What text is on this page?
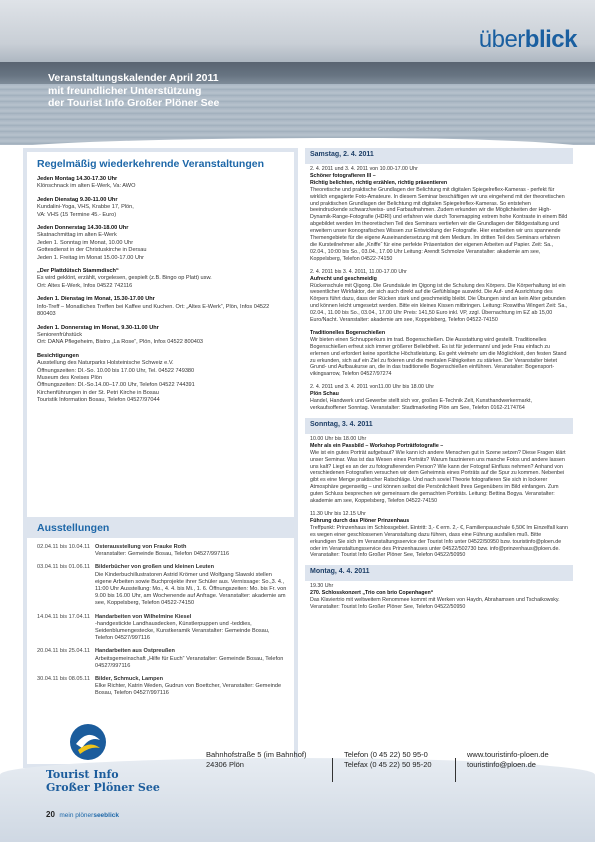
Veranstaltungskalender April 2011
mit freundlicher Unterstützung
der Tourist Info Großer Plöner See
überblick
Regelmäßig wiederkehrende Veranstaltungen
Jeden Montag 14.30-17.30 Uhr
Klönschnack im alten E-Werk, Va: AWO
Jeden Dienstag 9.30-11.00 Uhr
Kundalini-Yoga, VHS, Krabbe 17, Plön,
VA: VHS (15 Termine 45.- Euro)
Jeden Donnerstag 14.30-18.00 Uhr
Skatnachmittag im alten E-Werk
Jeden 1. Sonntag im Monat, 10.00 Uhr
Gottesdienst in der Christuskirche in Dersau
Jeden 1. Freitag im Monat 15.00-17.00 Uhr
„Der Plattdütsch Stammdisch“
Es wird geklönt, erzählt, vorgelesen, gespielt (z.B. Bingo op Platt) usw.
Ort: Altes E-Werk, Infos 04522 742116
Jeden 1. Dienstag im Monat, 15.30-17.00 Uhr
Info-Treff – Monatliches Treffen bei Kaffee und Kuchen. Ort: „Altes E-Werk“, Plön, Infos 04522 800403
Jeden 1. Donnerstag im Monat, 9.30-11.00 Uhr
Seniorenfrühstück
Ort: DANA Pflegeheim, Bistro „La Rose“, Plön, Infos 04522 800403
Besichtigungen
Ausstellung des Naturparks Holsteinische Schweiz e.V.
Öffnungszeiten: DI.-So. 10.00 bis 17.00 Uhr, Tel. 04522 749380
Museum des Kreises Plön
Öffnungszeiten: DI.-So.14.00–17.00 Uhr, Telefon 04522 744391
Kirchenführungen in der St. Petri Kirche in Bosau
Touristik Information Bosau, Telefon 04527/97044
Ausstellungen
02.04.11 bis 10.04.11 Osterausstellung von Frauke Roth
Veranstalter: Gemeinde Bosau, Telefon 04527/997116
03.04.11 bis 01.06.11 Bilderbücher von großen und kleinen Leuten
Die Kinderbuchillustratoren Astrid Krömer und Wolfgang Slawski stellen eigene Arbeiten sowie Buchprojekte ihrer Schüler aus. Vernissage: So.,3. 4., 11:00 Uhr Ausstellung: Mo., 4. 4. bis Mi., 1. 6. Öffnungszeiten: Mo. bis Fr. von 9.00 bis 16.00 Uhr, am Wochenende auf Anfrage. Veranstalter: akademie am see, Koppelsberg, Telefon 04522-74150
14.04.11 bis 17.04.11 Handarbeiten von Wilhelmine Kiesel
-handgestickte Landhausdecken, Künstlerpuppen und -teddies, Seidenblumengestecke, Kunstkeramik Veranstalter: Gemeinde Bosau, Telefon 04527/997116
20.04.11 bis 25.04.11 Handarbeiten aus Ostpreußen
Arbeitsgemeinschaft „Hilfe für Euch“ Veranstalter: Gemeinde Bosau, Telefon 04527/997116
30.04.11 bis 08.05.11 Bilder, Schmuck, Lampen
Elke Richter, Katrin Weden, Gudrun von Boettcher, Veranstalter: Gemeinde Bosau, Telefon 04527/997116
Samstag, 2. 4. 2011
2. 4. 2011 und 3. 4. 2011 von 10.00-17.00 Uhr
Schöner fotografieren III –
Richtig belichten, richtig erzählen, richtig präsentieren
Theoretische und praktische Grundlagen der Belichtung mit digitalen Spiegelreflex-Kameras - perfekt für wirklich engagierte Foto-Amateure. In diesem Seminar beschäftigen wir uns eingehend mit der theoretischen und praktischen Grundlagen der Belichtung mit digitalen Spiegelreflex-Kameras. So entstehen beeindruckende schwarz/weiss- und Farbaufnahmen. Zudem erkunden wir die Möglichkeiten der High-Dynamik-Range-Fotografie (HDRI) und erfahren wie durch Tonemapping extrem hohe Kontraste in einem Bild abgebildet werden Im theoretischen Teil des Seminars vertiefen wir die Grundlagen der Bildgestaltung und erweitern unser ikonografisches Wissen zur Entwicklung der Fotografie. Hier erarbeiten wir uns spannende Themengebiete für die eigene Auseinandersetzung mit dem Medium. Im dritten Teil des Seminars erfahren die Kursteilnehmer alle „Kniffe“ für eine perfekte Präsentation der eigenen Arbeiten auf Papier. Zeit: Sa., 02.04., 10:00 bis So., 03.04., 17.00 Uhr Leitung: Arendt Schmolze Veranstalter: akademie am see, Koppelsberg, Telefon 04522-74150
2. 4. 2011 bis 3. 4. 2011, 11.00-17.00 Uhr
Aufrecht und geschmeidig
Rückenschule mit Qigong. Die Grundsäule im Qigong ist die Schulung des Körpers. Die Körperhaltung ist ein wesentlicher Wirkfaktor, der sich auch direkt auf die Gefühlslage auswirkt. Die Auf- und Ausrichtung des Körpers führt dazu, dass der Rücken stark und geschmeidig bleibt. Die Übungen sind an kein Alter gebunden und können leicht umgesetzt werden. Bitte ein kleines Kissen mitbringen. Leitung: Roswitha Wingert Zeit: Sa., 02.04., 11.00 bis So., 03.04., 17.00 Uhr Preis: 141,50 Euro inkl. VP, zzgl. Übernachtung im EZ ab 15,00 Euro/Nacht. Veranstalter: akademie am see, Koppelsberg, Telefon 04522-74150
Traditionelles Bogenschießen
Wir bieten einen Schnupperkurs im trad. Bogenschießen. Die Ausstattung wird gestellt. Traditionelles Bogenschießen erfreut sich immer größerer Beliebtheit. Es ist für jedermann/ und jede Frau einfach zu erlernen und erfordert keine sportliche Höchstleistung. Es geht vielmehr um die Möglichkeit, den festen Stand zu erkunden, sich auf ein Ziel zu fixieren und die mentalen Fähigkeiten zu stärken. Der Veranstalter bietet Grund- und Aufbaukurse an, die in das traditionelle Bogenschießen einführen. Veranstalter: Bogensport-vikingsarrow, Telefon 04527/97274
2. 4. 2011 und 3. 4. 2011 von11.00 Uhr bis 18.00 Uhr
Plön Schau
Handel, Handwerk und Gewerbe stellt sich vor, großes E-Technik Zelt, Kunsthandwerkermarkt, verkaufsoffener Sonntag. Veranstalter: Stadtmarketing Plön am See, Telefon 0162-2174764
Sonntag, 3. 4. 2011
10.00 Uhr bis 18.00 Uhr
Mehr als ein Passbild – Workshop Porträtfotografie –
Wie ist ein gutes Porträt aufgebaut? Wie kann ich andere Menschen gut in Szene setzen? Diese Fragen klärt unser Seminar. Was ist das Wesen eines Porträts? Warum faszinieren uns manche Fotos und andere lassen uns kalt? Liegt es an der zu fotografierenden Person? Wie kann der Fotograf Einfluss nehmen? Anhand von verschiedenen Fotografien versuchen wir dem Geheimnis eines Porträts auf die Spur zu kommen. Nebenbei gibt es eine Menge praktischer Ratschläge. Und nach soviel Theorie fotografieren Sie sich in lockerer Atmosphäre gegenseitig – und können selbst die Persönlichkeit Ihres Gegenübers im Bild einfangen. Zum guten Schluss besprechen wir gemeinsam die gemachten Porträts. Leitung: Bettina Bogya. Veranstalter: akademie am see, Koppelsberg, Telefon 04522-74150
11.30 Uhr bis 12.15 Uhr
Führung durch das Plöner Prinzenhaus
Treffpunkt: Prinzenhaus im Schlossgebiet. Eintritt: 3,- € erm. 2,- €, Familienpauschale 6,50€ Im Einzelfall kann es wegen einer geschlossenen Veranstaltung dazu führen, dass eine Führung ausfallen muß. Bitte erkundigen Sie sich im Veranstaltungsservice der Tourist Info unter 04522/50950 bzw. touristinfo@ploen.de oder im Veranstaltungsservice des Prinzenhauses unter 04522/502730 bzw. info@prinzenhaus@ploen.de. Veranstalter: Tourist Info Großer Plöner See, Telefon 04522/50950
Montag, 4. 4. 2011
19.30 Uhr
270. Schlosskonzert „Trio con brio Copenhagen“
Das Klaviertrio mit weltweitem Renommee kommt mit Werken von Haydn, Abrahamsen und Tschaikowsky. Veranstalter: Tourist Info Großer Plöner See, Telefon 04522/50950
Tourist Info
Großer Plöner See
Bahnhofstraße 5 (im Bahnhof)
24306 Plön
Telefon (0 45 22) 50 95-0
Telefax (0 45 22) 50 95-20
www.touristinfo-ploen.de
touristinfo@ploen.de
20 mein plönerseeblick
